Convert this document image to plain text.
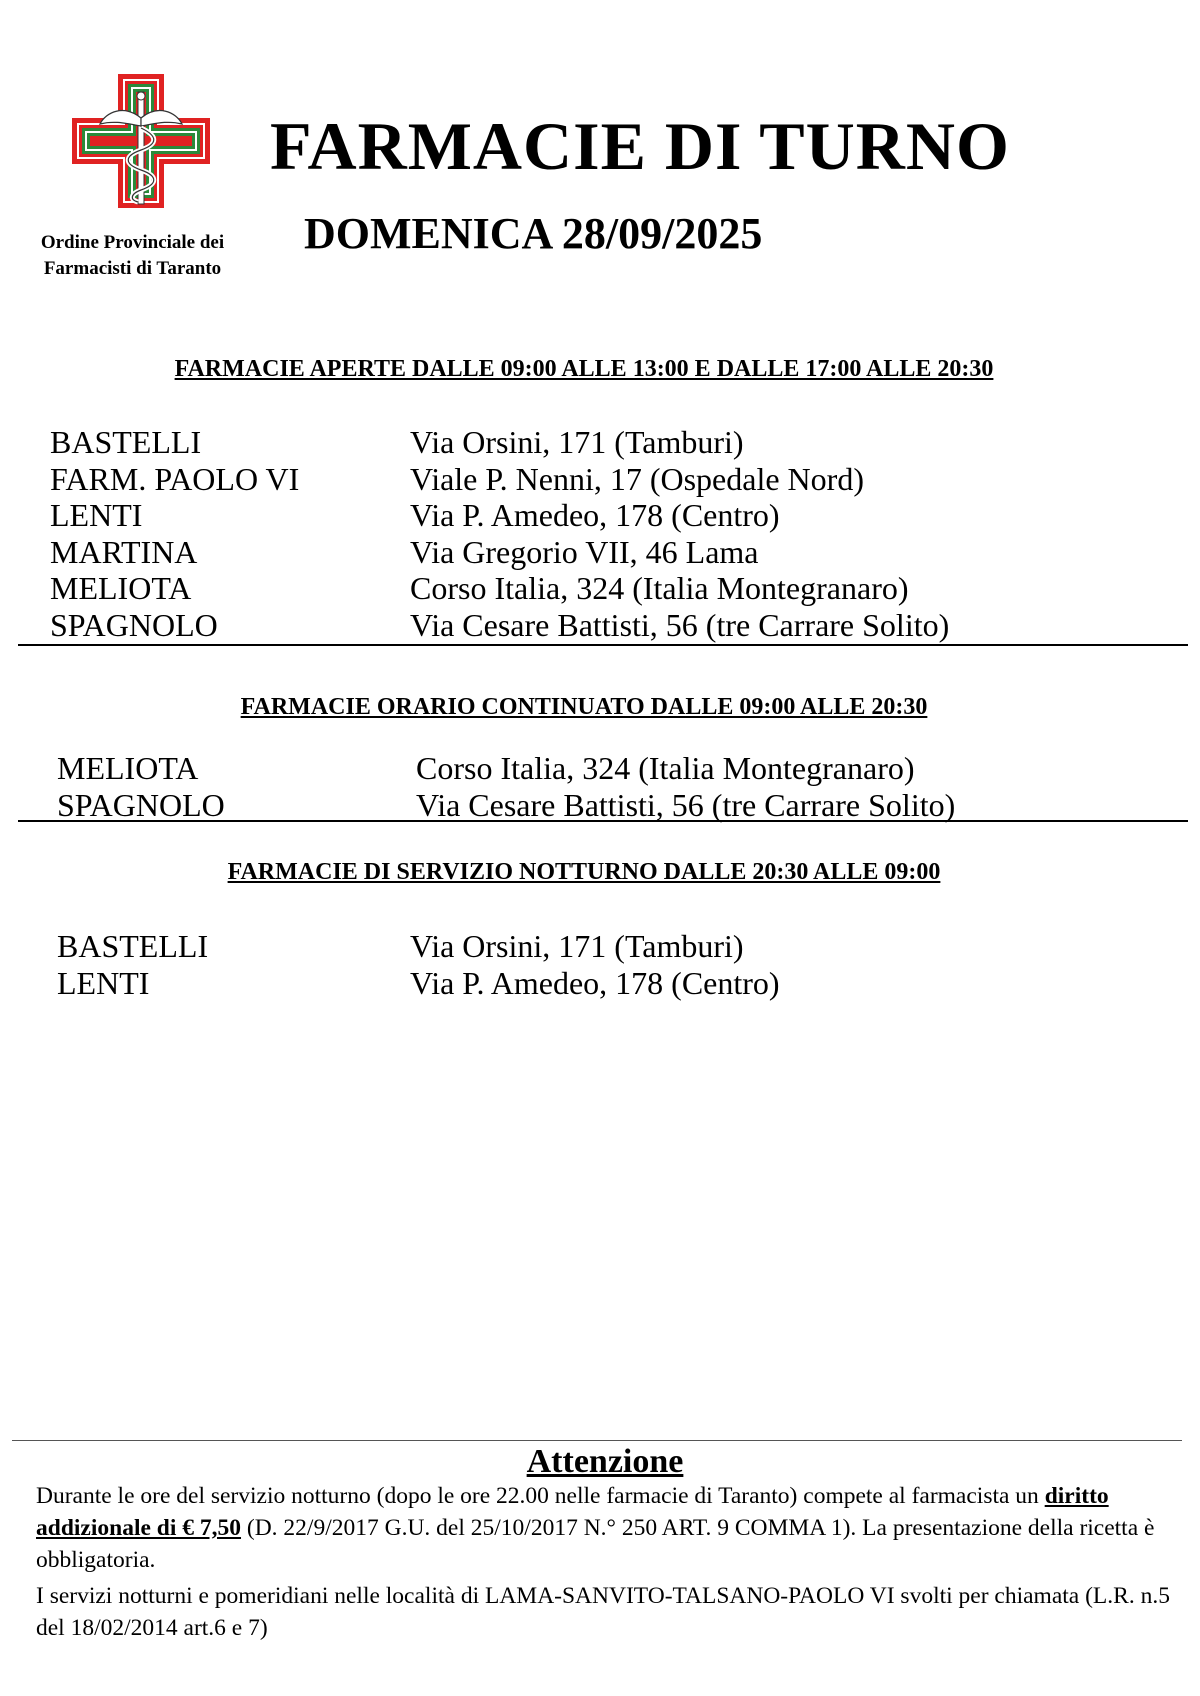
Ordine Provinciale dei Farmacisti di Taranto
FARMACIE DI TURNO
DOMENICA 28/09/2025
FARMACIE APERTE DALLE 09:00 ALLE 13:00 E DALLE 17:00 ALLE 20:30
BASTELLI	Via Orsini, 171 (Tamburi)
FARM. PAOLO VI	Viale P. Nenni, 17 (Ospedale Nord)
LENTI	Via P. Amedeo, 178 (Centro)
MARTINA	Via Gregorio VII, 46 Lama
MELIOTA	Corso Italia, 324 (Italia Montegranaro)
SPAGNOLO	Via Cesare Battisti, 56 (tre Carrare Solito)
FARMACIE ORARIO CONTINUATO DALLE 09:00 ALLE 20:30
MELIOTA	Corso Italia, 324 (Italia Montegranaro)
SPAGNOLO	Via Cesare Battisti, 56 (tre Carrare Solito)
FARMACIE DI SERVIZIO NOTTURNO DALLE 20:30 ALLE 09:00
BASTELLI	Via Orsini, 171 (Tamburi)
LENTI	Via P. Amedeo, 178 (Centro)
Attenzione

Durante le ore del servizio notturno (dopo le ore 22.00 nelle farmacie di Taranto) compete al farmacista un diritto addizionale di € 7,50 (D. 22/9/2017 G.U. del 25/10/2017 N.° 250 ART. 9 COMMA 1). La presentazione della ricetta è obbligatoria.

I servizi notturni e pomeridiani nelle località di LAMA-SANVITO-TALSANO-PAOLO VI svolti per chiamata (L.R. n.5 del 18/02/2014 art.6 e 7)
